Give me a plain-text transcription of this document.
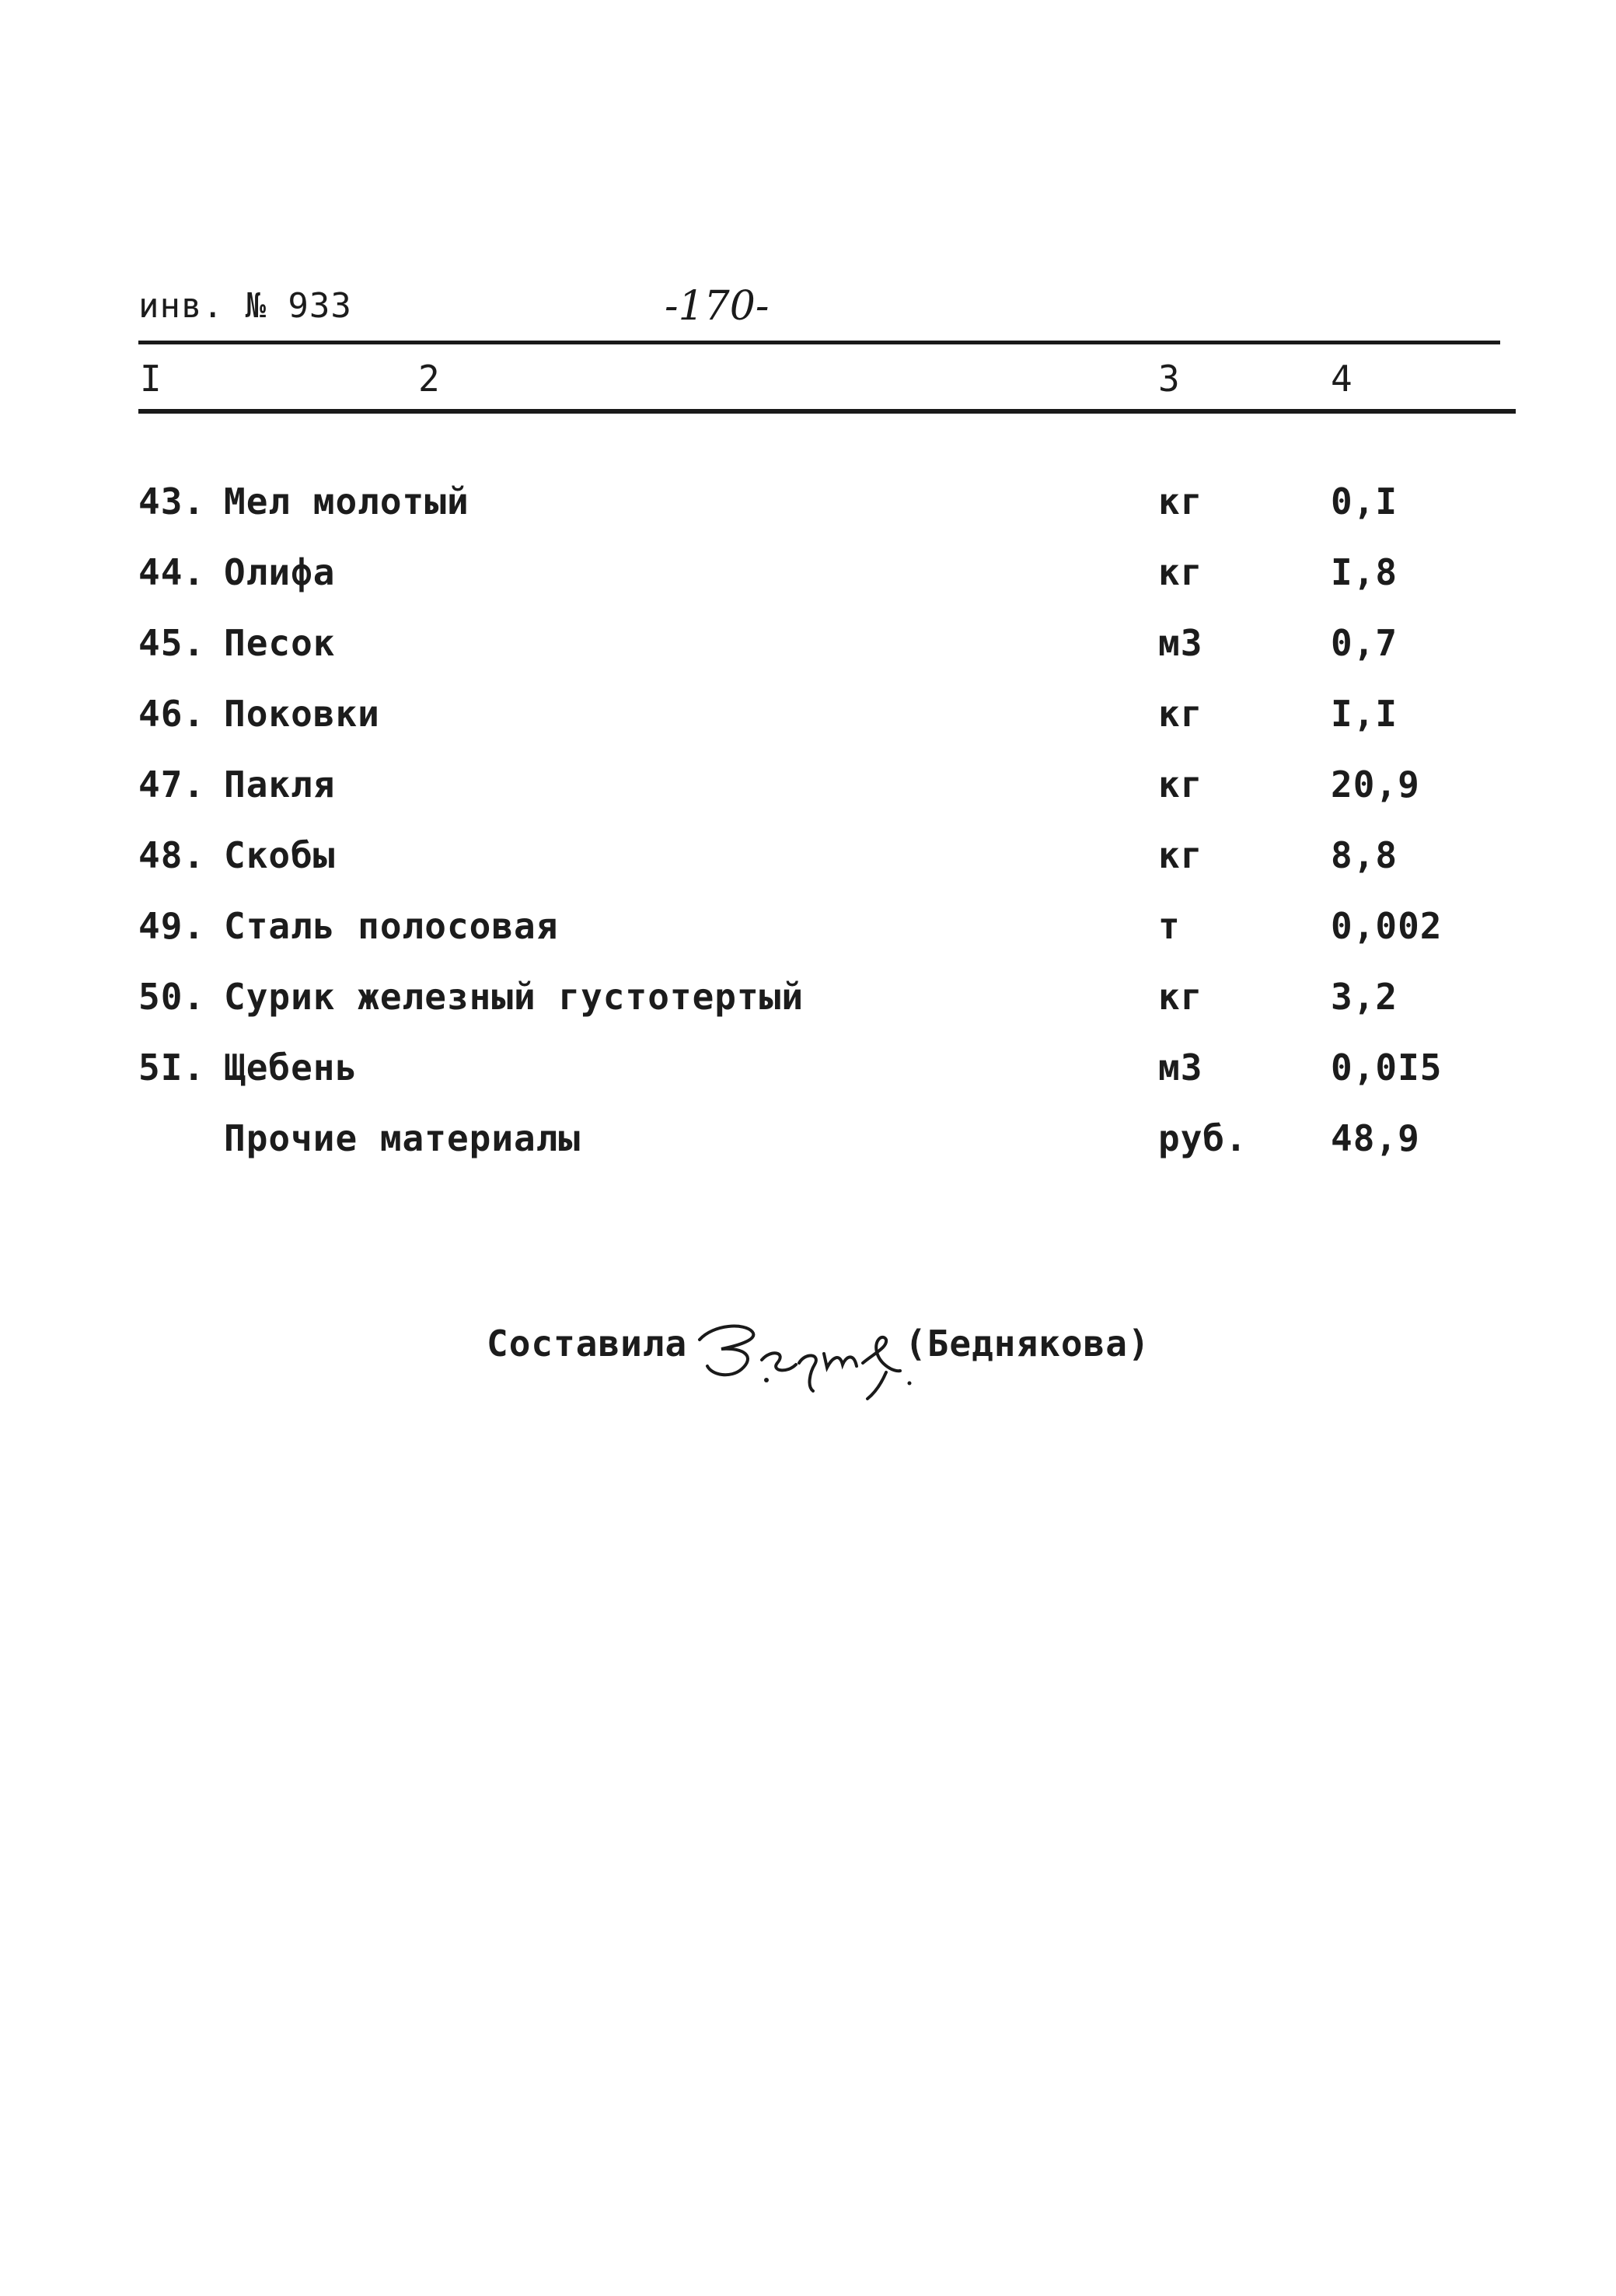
инв. № 933	-170-
I	2	3	4
43. Мел молотый	кг	0,I
44. Олифа	кг	I,8
45. Песок	м3	0,7
46. Поковки	кг	I,I
47. Пакля	кг	20,9
48. Скобы	кг	8,8
49. Сталь полосовая	т	0,002
50. Сурик железный густотертый	кг	3,2
5I. Щебень	м3	0,0I5
Прочие материалы	руб. 48,9
Составила	(Беднякова)
